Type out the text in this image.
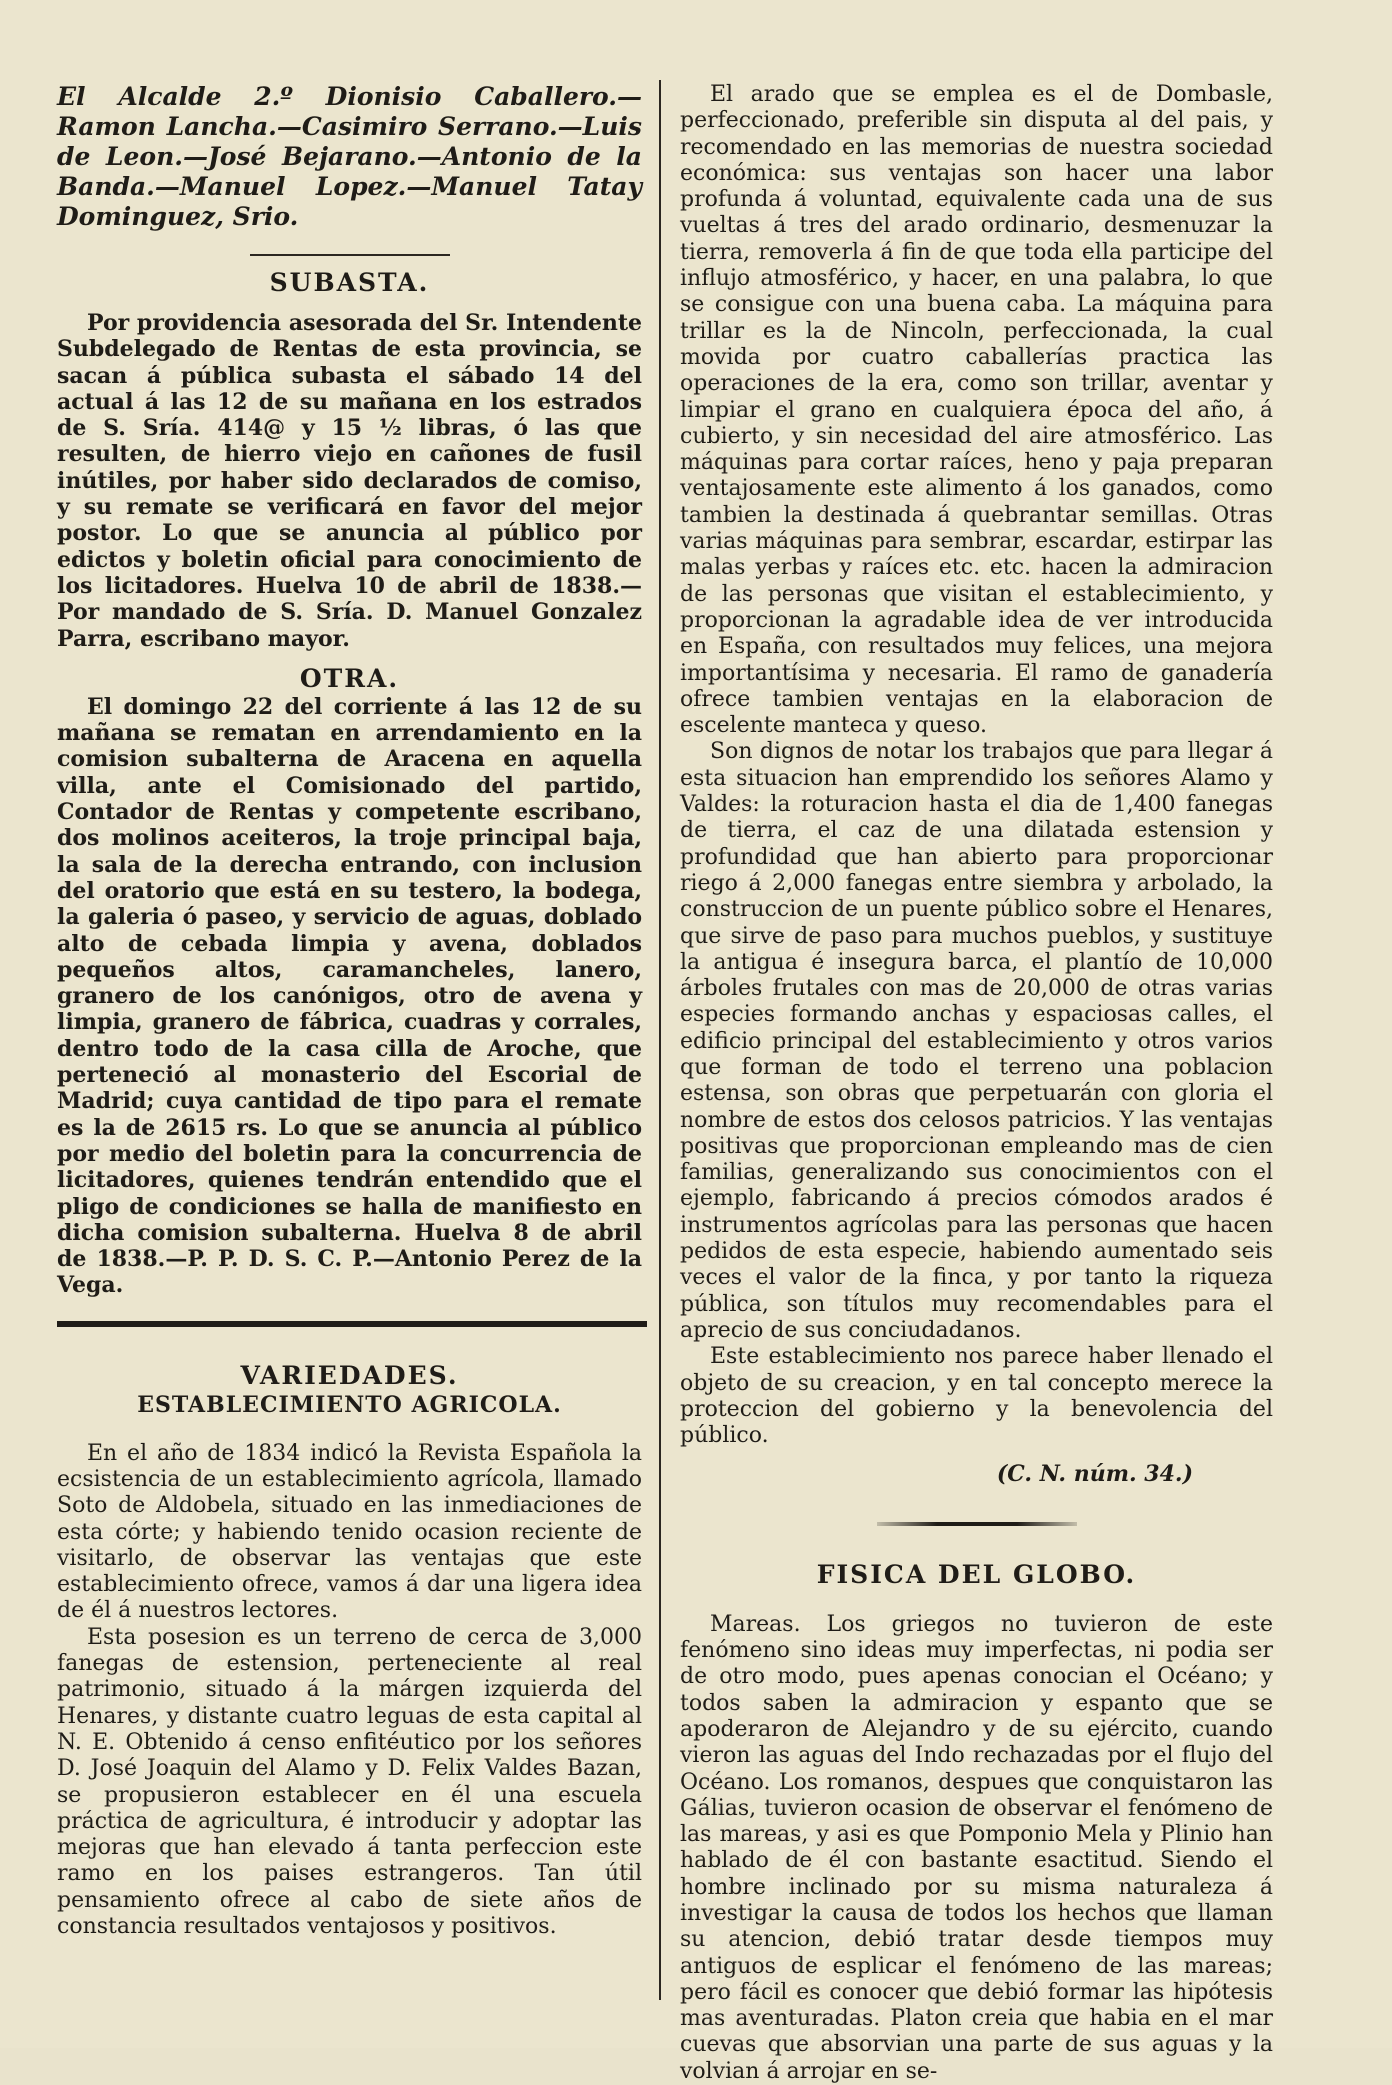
El Alcalde 2.º Dionisio Caballero.—Ramon Lancha.—Casimiro Serrano.—Luis de Leon.—José Bejarano.—Antonio de la Banda.—Manuel Lopez.—Manuel Tatay Dominguez, Srio.

SUBASTA.

Por providencia asesorada del Sr. Intendente Subdelegado de Rentas de esta provincia, se sacan á pública subasta el sábado 14 del actual á las 12 de su mañana en los estrados de S. Sría. 414@ y 15 ½ libras, ó las que resulten, de hierro viejo en cañones de fusil inútiles, por haber sido declarados de comiso, y su remate se verificará en favor del mejor postor. Lo que se anuncia al público por edictos y boletin oficial para conocimiento de los licitadores. Huelva 10 de abril de 1838.—Por mandado de S. Sría. D. Manuel Gonzalez Parra, escribano mayor.

OTRA.

El domingo 22 del corriente á las 12 de su mañana se rematan en arrendamiento en la comision subalterna de Aracena en aquella villa, ante el Comisionado del partido, Contador de Rentas y competente escribano, dos molinos aceiteros, la troje principal baja, la sala de la derecha entrando, con inclusion del oratorio que está en su testero, la bodega, la galeria ó paseo, y servicio de aguas, doblado alto de cebada limpia y avena, doblados pequeños altos, caramancheles, lanero, granero de los canónigos, otro de avena y limpia, granero de fábrica, cuadras y corrales, dentro todo de la casa cilla de Aroche, que perteneció al monasterio del Escorial de Madrid; cuya cantidad de tipo para el remate es la de 2615 rs. Lo que se anuncia al público por medio del boletin para la concurrencia de licitadores, quienes tendrán entendido que el pligo de condiciones se halla de manifiesto en dicha comision subalterna. Huelva 8 de abril de 1838.—P. P. D. S. C. P.—Antonio Perez de la Vega.

VARIEDADES.
ESTABLECIMIENTO AGRICOLA.

En el año de 1834 indicó la Revista Española la ecsistencia de un establecimiento agrícola, llamado Soto de Aldobela, situado en las inmediaciones de esta córte; y habiendo tenido ocasion reciente de visitarlo, de observar las ventajas que este establecimiento ofrece, vamos á dar una ligera idea de él á nuestros lectores.

Esta posesion es un terreno de cerca de 3,000 fanegas de estension, perteneciente al real patrimonio, situado á la márgen izquierda del Henares, y distante cuatro leguas de esta capital al N. E. Obtenido á censo enfitéutico por los señores D. José Joaquin del Alamo y D. Felix Valdes Bazan, se propusieron establecer en él una escuela práctica de agricultura, é introducir y adoptar las mejoras que han elevado á tanta perfeccion este ramo en los paises estrangeros. Tan útil pensamiento ofrece al cabo de siete años de constancia resultados ventajosos y positivos.

El arado que se emplea es el de Dombasle, perfeccionado, preferible sin disputa al del pais, y recomendado en las memorias de nuestra sociedad económica: sus ventajas son hacer una labor profunda á voluntad, equivalente cada una de sus vueltas á tres del arado ordinario, desmenuzar la tierra, removerla á fin de que toda ella participe del influjo atmosférico, y hacer, en una palabra, lo que se consigue con una buena caba. La máquina para trillar es la de Nincoln, perfeccionada, la cual movida por cuatro caballerías practica las operaciones de la era, como son trillar, aventar y limpiar el grano en cualquiera época del año, á cubierto, y sin necesidad del aire atmosférico. Las máquinas para cortar raíces, heno y paja preparan ventajosamente este alimento á los ganados, como tambien la destinada á quebrantar semillas. Otras varias máquinas para sembrar, escardar, estirpar las malas yerbas y raíces etc. etc. hacen la admiracion de las personas que visitan el establecimiento, y proporcionan la agradable idea de ver introducida en España, con resultados muy felices, una mejora importantísima y necesaria. El ramo de ganadería ofrece tambien ventajas en la elaboracion de escelente manteca y queso.

Son dignos de notar los trabajos que para llegar á esta situacion han emprendido los señores Alamo y Valdes: la roturacion hasta el dia de 1,400 fanegas de tierra, el caz de una dilatada estension y profundidad que han abierto para proporcionar riego á 2,000 fanegas entre siembra y arbolado, la construccion de un puente público sobre el Henares, que sirve de paso para muchos pueblos, y sustituye la antigua é insegura barca, el plantío de 10,000 árboles frutales con mas de 20,000 de otras varias especies formando anchas y espaciosas calles, el edificio principal del establecimiento y otros varios que forman de todo el terreno una poblacion estensa, son obras que perpetuarán con gloria el nombre de estos dos celosos patricios. Y las ventajas positivas que proporcionan empleando mas de cien familias, generalizando sus conocimientos con el ejemplo, fabricando á precios cómodos arados é instrumentos agrícolas para las personas que hacen pedidos de esta especie, habiendo aumentado seis veces el valor de la finca, y por tanto la riqueza pública, son títulos muy recomendables para el aprecio de sus conciudadanos.

Este establecimiento nos parece haber llenado el objeto de su creacion, y en tal concepto merece la proteccion del gobierno y la benevolencia del público.

(C. N. núm. 34.)

FISICA DEL GLOBO.

Mareas. Los griegos no tuvieron de este fenómeno sino ideas muy imperfectas, ni podia ser de otro modo, pues apenas conocian el Océano; y todos saben la admiracion y espanto que se apoderaron de Alejandro y de su ejército, cuando vieron las aguas del Indo rechazadas por el flujo del Océano. Los romanos, despues que conquistaron las Gálias, tuvieron ocasion de observar el fenómeno de las mareas, y asi es que Pomponio Mela y Plinio han hablado de él con bastante esactitud. Siendo el hombre inclinado por su misma naturaleza á investigar la causa de todos los hechos que llaman su atencion, debió tratar desde tiempos muy antiguos de esplicar el fenómeno de las mareas; pero fácil es conocer que debió formar las hipótesis mas aventuradas. Platon creia que habia en el mar cuevas que absorvian una parte de sus aguas y la volvian á arrojar en se-
